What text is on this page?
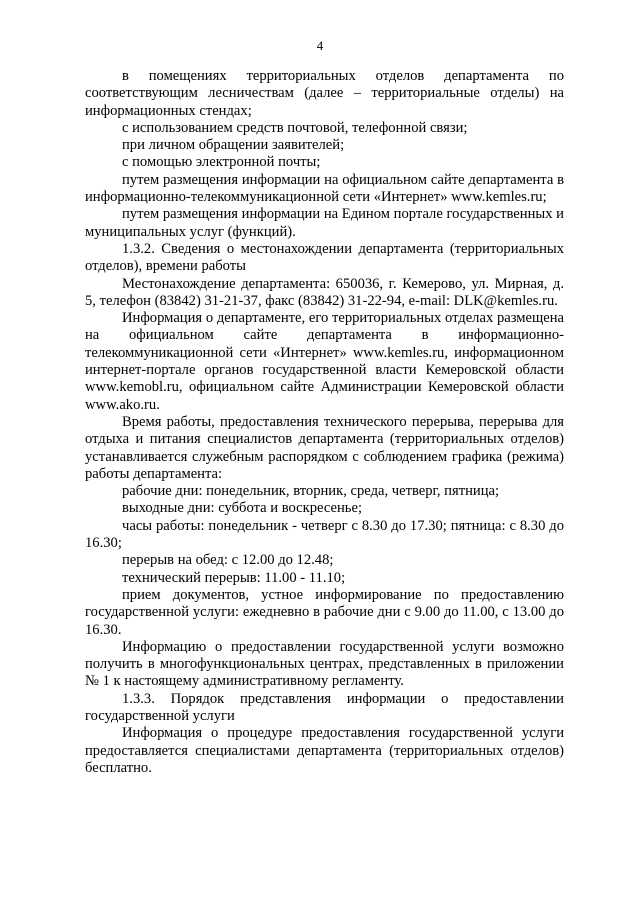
4

в помещениях территориальных отделов департамента по соответствующим лесничествам (далее – территориальные отделы) на информационных стендах;

с использованием средств почтовой, телефонной связи;

при личном обращении заявителей;

с помощью электронной почты;

путем размещения информации на официальном сайте департамента в информационно-телекоммуникационной сети «Интернет» www.kemles.ru;

путем размещения информации на Едином портале государственных и муниципальных услуг (функций).

1.3.2. Сведения о местонахождении департамента (территориальных отделов), времени работы

Местонахождение департамента: 650036, г. Кемерово, ул. Мирная, д. 5, телефон (83842) 31-21-37, факс (83842) 31-22-94, e-mail: DLK@kemles.ru.

Информация о департаменте, его территориальных отделах размещена на официальном сайте департамента в информационно-телекоммуникационной сети «Интернет» www.kemles.ru, информационном интернет-портале органов государственной власти Кемеровской области www.kemobl.ru, официальном сайте Администрации Кемеровской области www.ako.ru.

Время работы, предоставления технического перерыва, перерыва для отдыха и питания специалистов департамента (территориальных отделов) устанавливается служебным распорядком с соблюдением графика (режима) работы департамента:

рабочие дни: понедельник, вторник, среда, четверг, пятница;

выходные дни: суббота и воскресенье;

часы работы: понедельник - четверг с 8.30 до 17.30; пятница: с 8.30 до 16.30;

перерыв на обед: с 12.00 до 12.48;

технический перерыв: 11.00 - 11.10;

прием документов, устное информирование по предоставлению государственной услуги: ежедневно в рабочие дни с 9.00 до 11.00, с 13.00 до 16.30.

Информацию о предоставлении государственной услуги возможно получить в многофункциональных центрах, представленных в приложении № 1 к настоящему административному регламенту.

1.3.3. Порядок представления информации о предоставлении государственной услуги

Информация о процедуре предоставления государственной услуги предоставляется специалистами департамента (территориальных отделов) бесплатно.
